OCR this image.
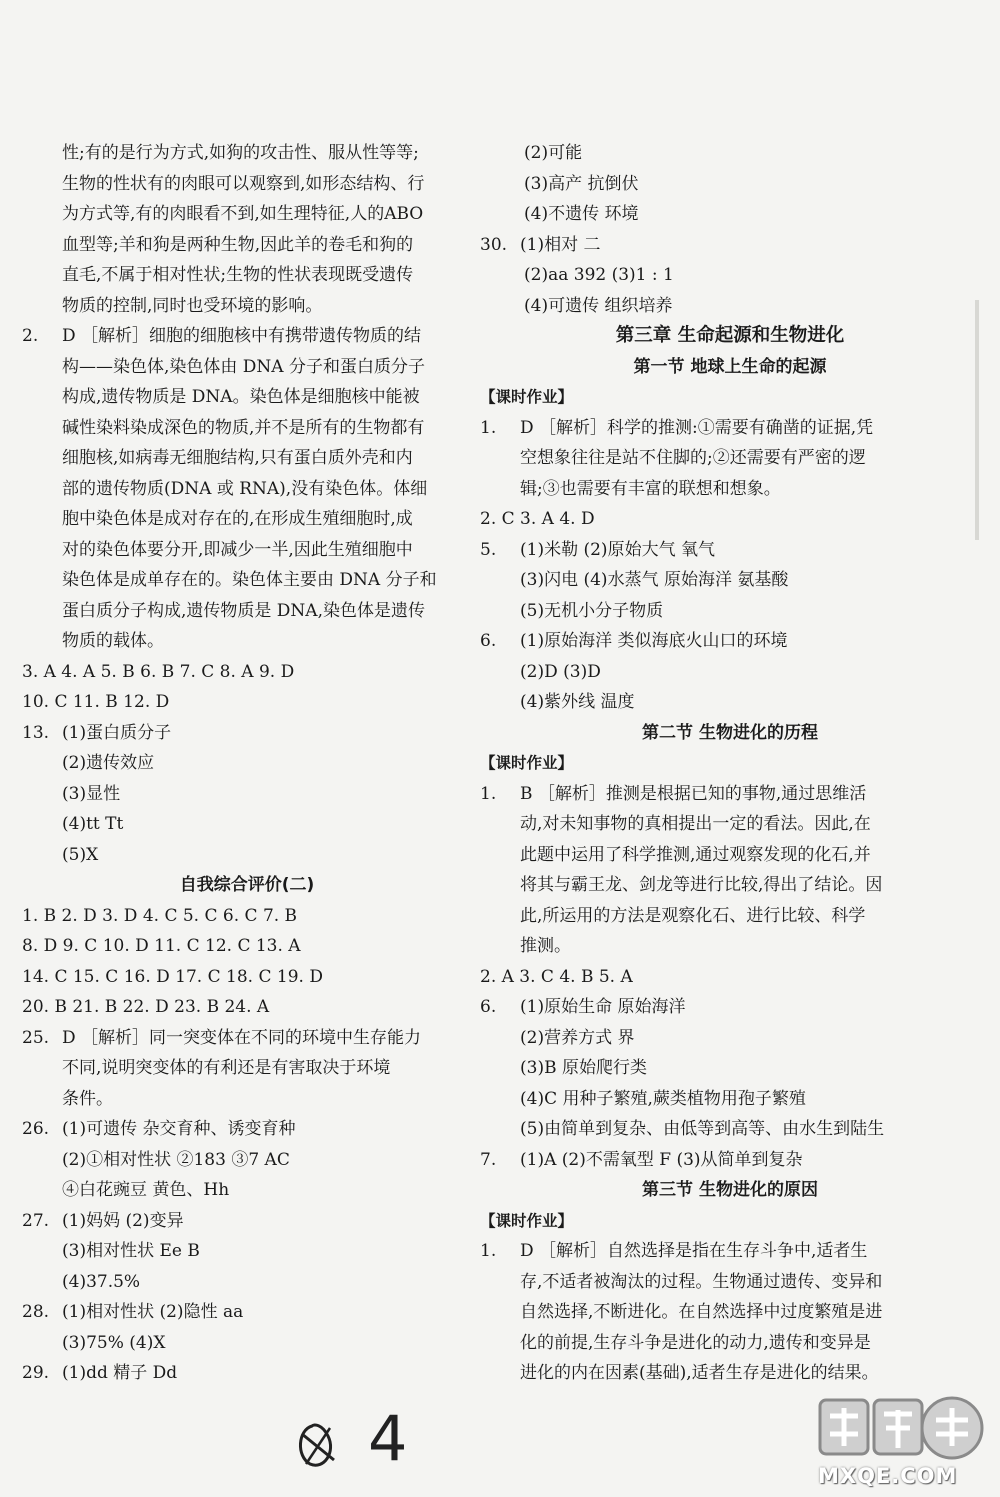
性;有的是行为方式,如狗的攻击性、服从性等等;
生物的性状有的肉眼可以观察到,如形态结构、行
为方式等,有的肉眼看不到,如生理特征,人的ABO
血型等;羊和狗是两种生物,因此羊的卷毛和狗的
直毛,不属于相对性状;生物的性状表现既受遗传
物质的控制,同时也受环境的影响。
2. D ［解析］细胞的细胞核中有携带遗传物质的结
构——染色体,染色体由 DNA 分子和蛋白质分子
构成,遗传物质是 DNA。染色体是细胞核中能被
碱性染料染成深色的物质,并不是所有的生物都有
细胞核,如病毒无细胞结构,只有蛋白质外壳和内
部的遗传物质(DNA 或 RNA),没有染色体。体细
胞中染色体是成对存在的,在形成生殖细胞时,成
对的染色体要分开,即减少一半,因此生殖细胞中
染色体是成单存在的。染色体主要由 DNA 分子和
蛋白质分子构成,遗传物质是 DNA,染色体是遗传
物质的载体。
3. A 4. A 5. B 6. B 7. C 8. A 9. D
10. C 11. B 12. D
13. (1)蛋白质分子
(2)遗传效应
(3)显性
(4)tt Tt
(5)X
自我综合评价(二)
1. B 2. D 3. D 4. C 5. C 6. C 7. B
8. D 9. C 10. D 11. C 12. C 13. A
14. C 15. C 16. D 17. C 18. C 19. D
20. B 21. B 22. D 23. B 24. A
25. D ［解析］同一突变体在不同的环境中生存能力
不同,说明突变体的有利还是有害取决于环境
条件。
26. (1)可遗传 杂交育种、诱变育种
(2)①相对性状 ②183 ③7 AC
④白花豌豆 黄色、Hh
27. (1)妈妈 (2)变异
(3)相对性状 Ee B
(4)37.5%
28. (1)相对性状 (2)隐性 aa
(3)75% (4)X
29. (1)dd 精子 Dd
(2)可能
(3)高产 抗倒伏
(4)不遗传 环境
30. (1)相对 二
(2)aa 392 (3)1 : 1
(4)可遗传 组织培养
第三章 生命起源和生物进化
第一节 地球上生命的起源
【课时作业】
1. D ［解析］科学的推测:①需要有确凿的证据,凭
空想象往往是站不住脚的;②还需要有严密的逻
辑;③也需要有丰富的联想和想象。
2. C 3. A 4. D
5. (1)米勒 (2)原始大气 氧气
(3)闪电 (4)水蒸气 原始海洋 氨基酸
(5)无机小分子物质
6. (1)原始海洋 类似海底火山口的环境
(2)D (3)D
(4)紫外线 温度
第二节 生物进化的历程
【课时作业】
1. B ［解析］推测是根据已知的事物,通过思维活
动,对未知事物的真相提出一定的看法。因此,在
此题中运用了科学推测,通过观察发现的化石,并
将其与霸王龙、剑龙等进行比较,得出了结论。因
此,所运用的方法是观察化石、进行比较、科学
推测。
2. A 3. C 4. B 5. A
6. (1)原始生命 原始海洋
(2)营养方式 界
(3)B 原始爬行类
(4)C 用种子繁殖,蕨类植物用孢子繁殖
(5)由简单到复杂、由低等到高等、由水生到陆生
7. (1)A (2)不需氧型 F (3)从简单到复杂
第三节 生物进化的原因
【课时作业】
1. D ［解析］自然选择是指在生存斗争中,适者生
存,不适者被淘汰的过程。生物通过遗传、变异和
自然选择,不断进化。在自然选择中过度繁殖是进
化的前提,生存斗争是进化的动力,遗传和变异是
进化的内在因素(基础),适者生存是进化的结果。
4
MXQE.COM
